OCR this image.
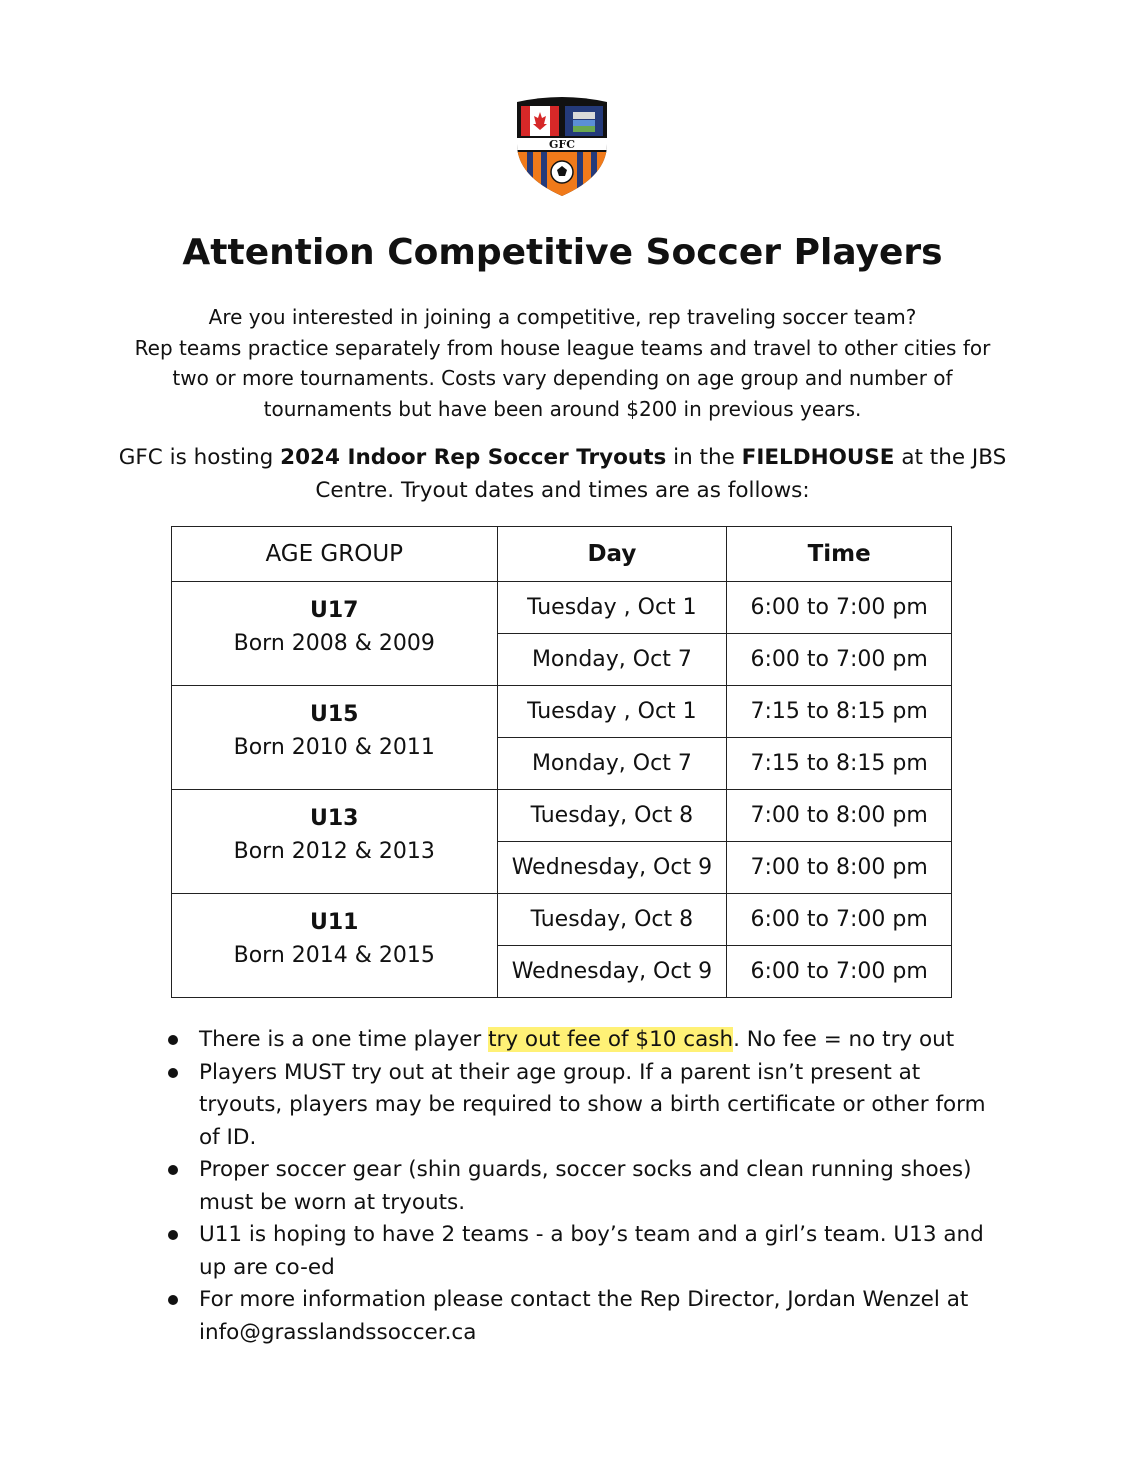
GFC
Attention Competitive Soccer Players

Are you interested in joining a competitive, rep traveling soccer team?
Rep teams practice separately from house league teams and travel to other cities for
two or more tournaments. Costs vary depending on age group and number of
tournaments but have been around $200 in previous years.

GFC is hosting 2024 Indoor Rep Soccer Tryouts in the FIELDHOUSE at the JBS
Centre. Tryout dates and times are as follows:

AGE GROUP	Day	Time

U17
Born 2008 & 2009	Tuesday , Oct 1	6:00 to 7:00 pm
	Monday, Oct 7	6:00 to 7:00 pm

U15
Born 2010 & 2011	Tuesday , Oct 1	7:15 to 8:15 pm
	Monday, Oct 7	7:15 to 8:15 pm

U13
Born 2012 & 2013	Tuesday, Oct 8	7:00 to 8:00 pm
	Wednesday, Oct 9	7:00 to 8:00 pm

U11
Born 2014 & 2015	Tuesday, Oct 8	6:00 to 7:00 pm
	Wednesday, Oct 9	6:00 to 7:00 pm
There is a one time player try out fee of $10 cash. No fee = no try out
Players MUST try out at their age group. If a parent isn’t present at tryouts, players may be required to show a birth certificate or other form of ID.
Proper soccer gear (shin guards, soccer socks and clean running shoes) must be worn at tryouts.
U11 is hoping to have 2 teams - a boy’s team and a girl’s team. U13 and up are co-ed
For more information please contact the Rep Director, Jordan Wenzel at
info@grasslandssoccer.ca
